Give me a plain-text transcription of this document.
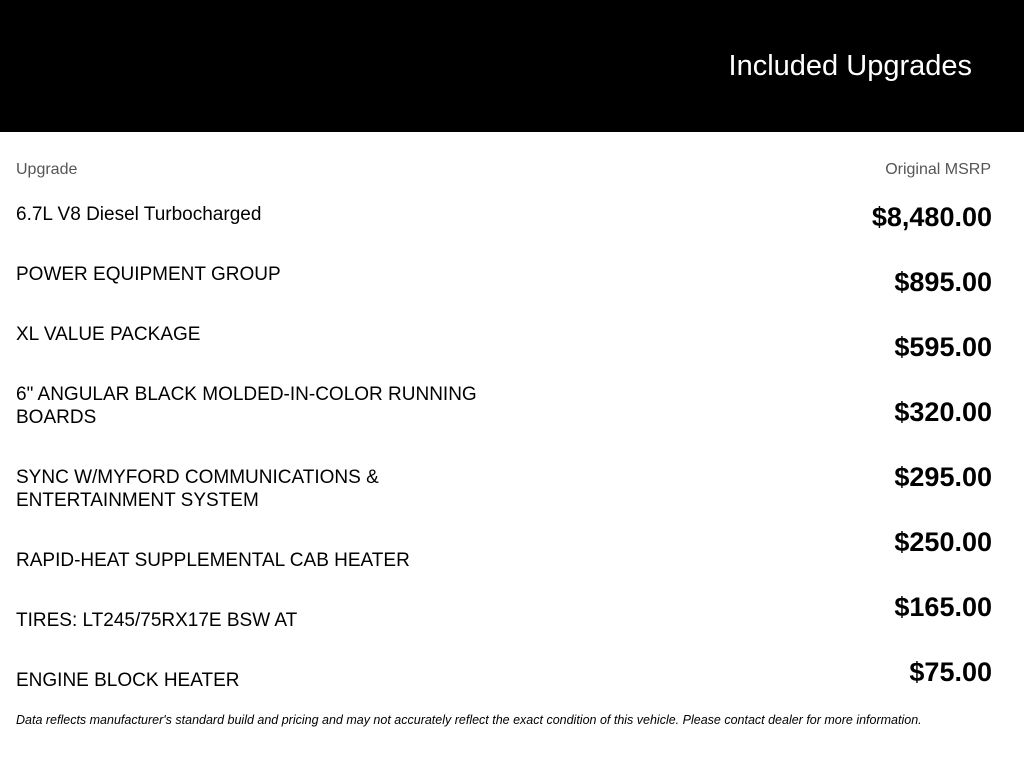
Included Upgrades
Upgrade	Original MSRP
6.7L V8 Diesel Turbocharged
POWER EQUIPMENT GROUP
XL VALUE PACKAGE
6" ANGULAR BLACK MOLDED-IN-COLOR RUNNING BOARDS
SYNC W/MYFORD COMMUNICATIONS & ENTERTAINMENT SYSTEM
RAPID-HEAT SUPPLEMENTAL CAB HEATER
TIRES: LT245/75RX17E BSW AT
ENGINE BLOCK HEATER
$8,480.00
$895.00
$595.00
$320.00
$295.00
$250.00
$165.00
$75.00
Data reflects manufacturer's standard build and pricing and may not accurately reflect the exact condition of this vehicle. Please contact dealer for more information.
